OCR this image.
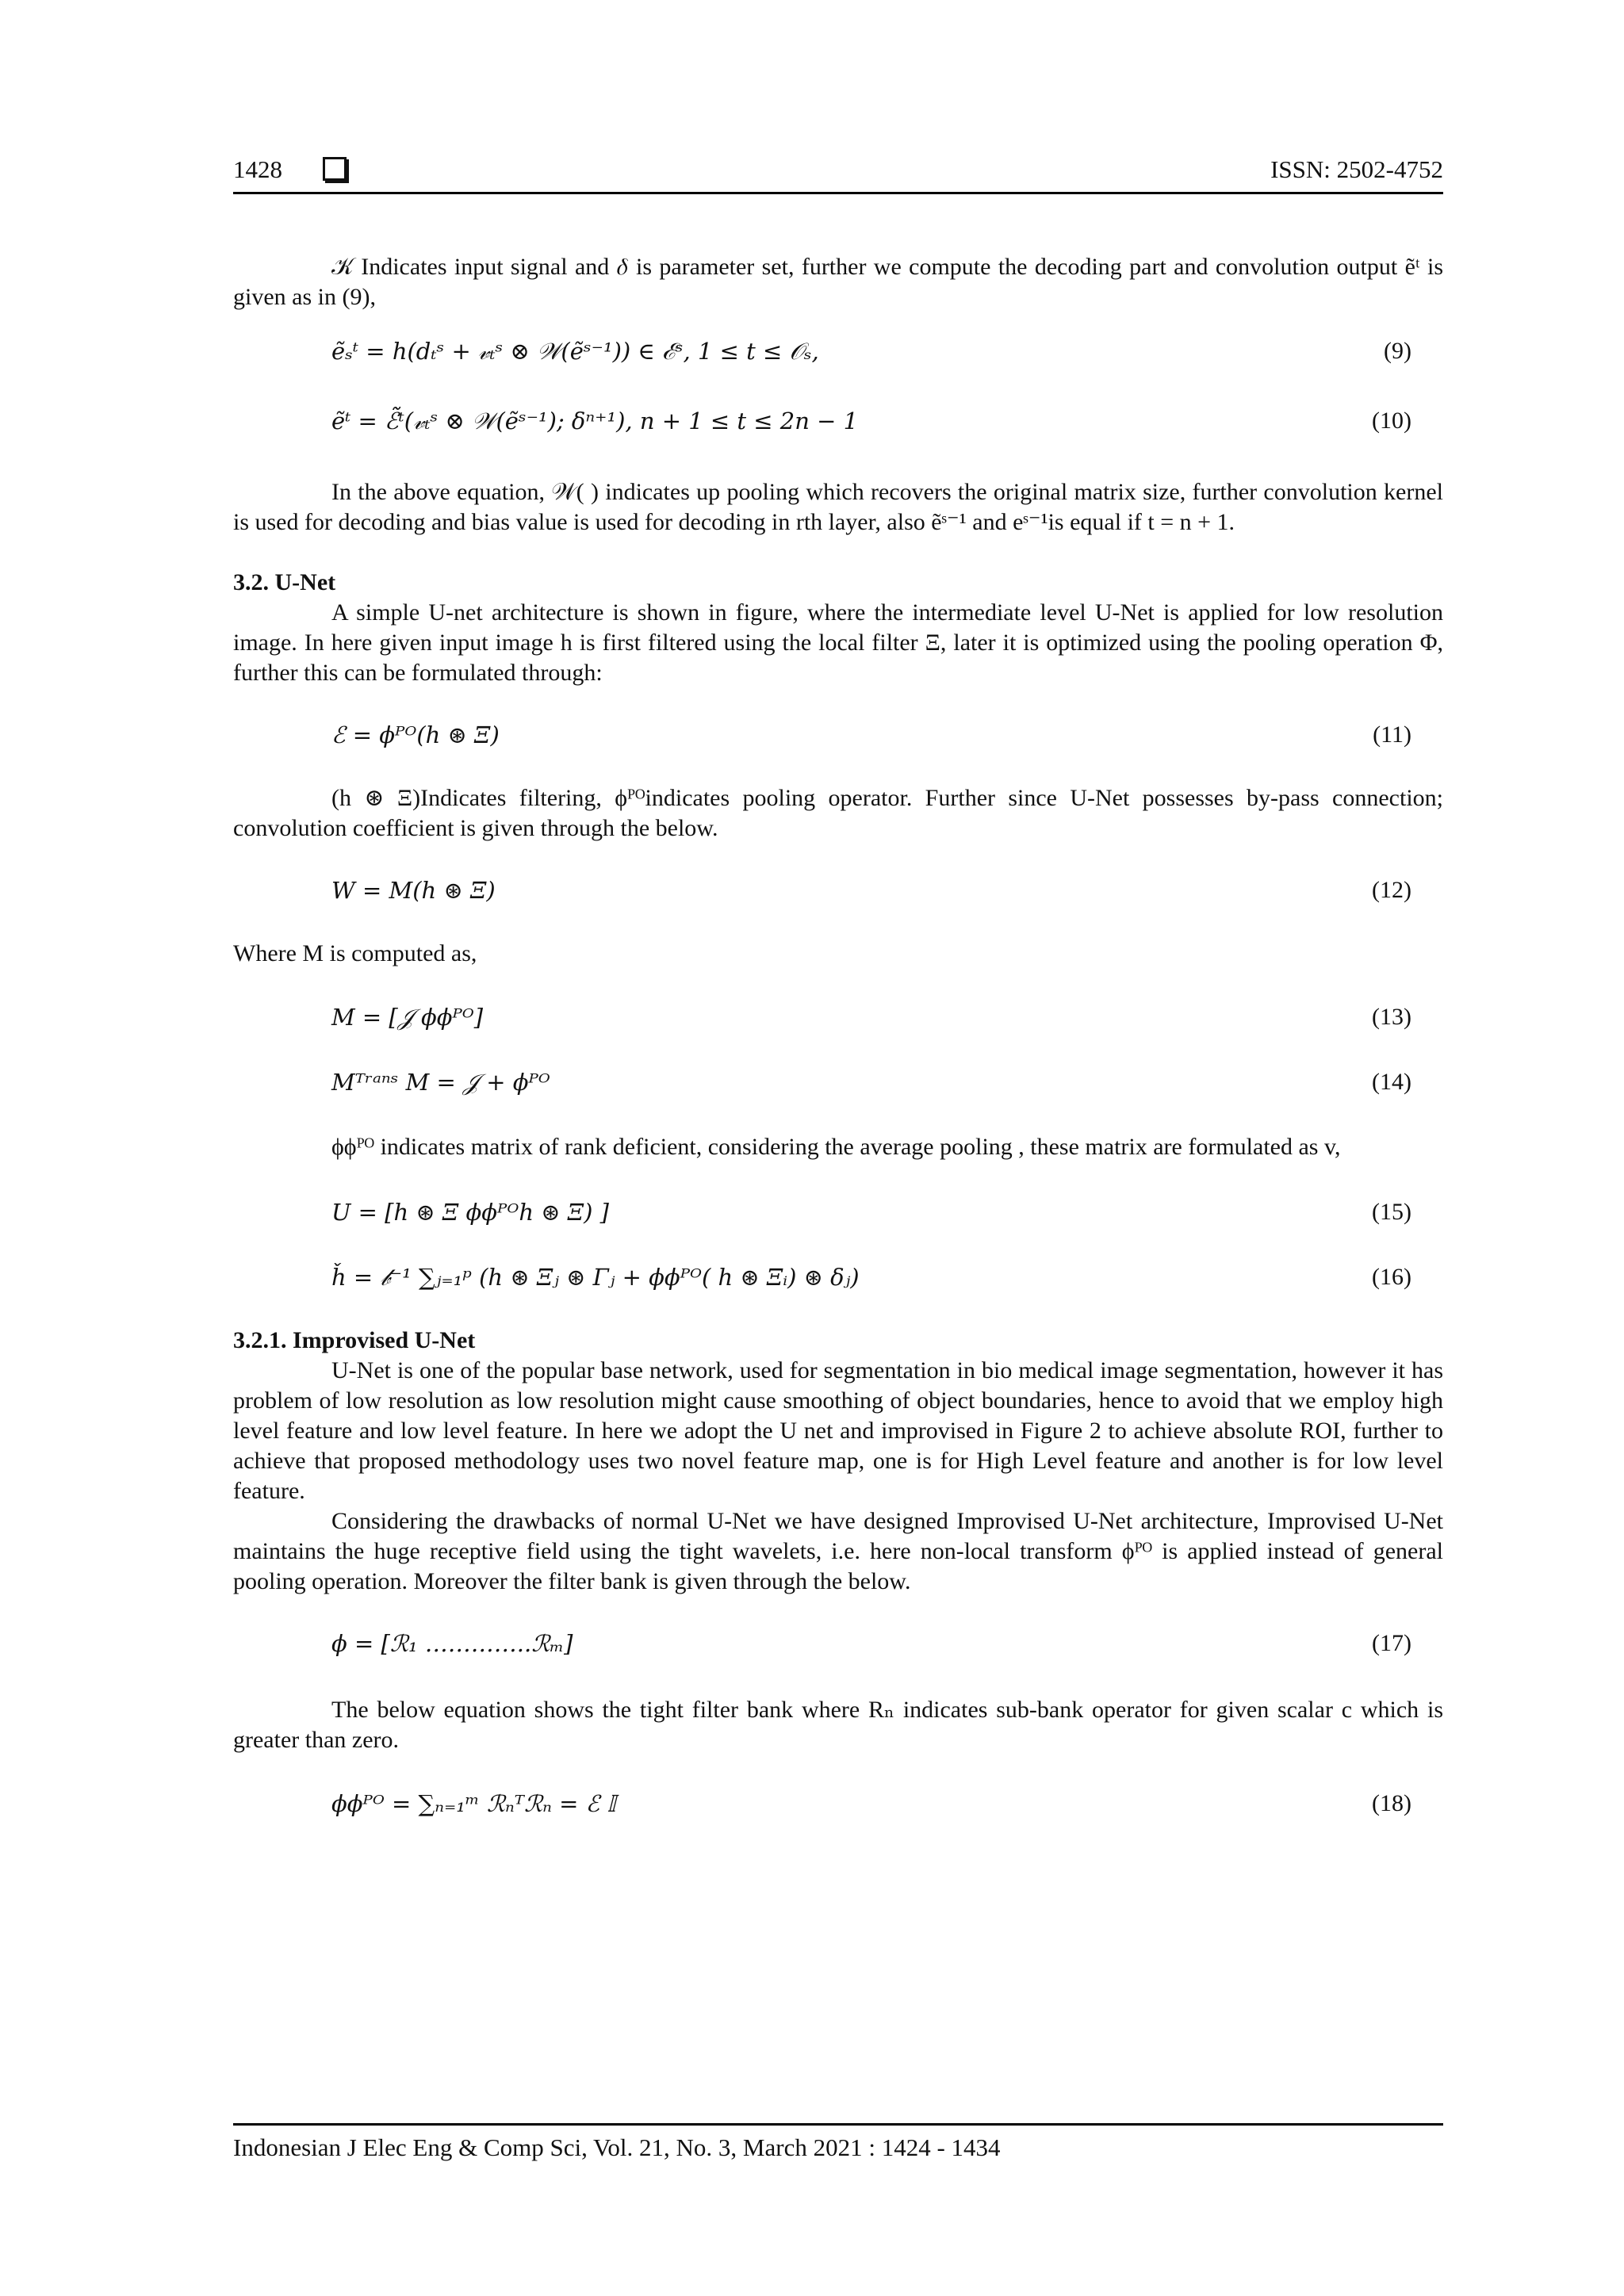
1428	ISSN: 2502-4752

𝒦 Indicates input signal and 𝛿 is parameter set, further we compute the decoding part and convolution output ẽᵗ is given as in (9),

ẽₛᵗ = h(dₜˢ + 𝓋ₜˢ ⊗ 𝒲(ẽˢ⁻¹)) ∈ ℰˢ, 1 ≤ t ≤ 𝒪ₛ,	(9)
ẽᵗ = ℰ̃ᵗ(𝓋ₜˢ ⊗ 𝒲(ẽˢ⁻¹); 𝛿ⁿ⁺¹), n + 1 ≤ t ≤ 2n − 1	(10)

In the above equation, 𝒲( ) indicates up pooling which recovers the original matrix size, further convolution kernel is used for decoding and bias value is used for decoding in rth layer, also ẽˢ⁻¹ and eˢ⁻¹is equal if t = n + 1.

3.2. U-Net

A simple U-net architecture is shown in figure, where the intermediate level U-Net is applied for low resolution image. In here given input image h is first filtered using the local filter Ξ, later it is optimized using the pooling operation Φ, further this can be formulated through:

ℰ = ϕᴾᴼ(h ⊛ Ξ)	(11)

(h ⊛ Ξ)Indicates filtering, ϕᴾᴼindicates pooling operator. Further since U-Net possesses by-pass connection; convolution coefficient is given through the below.

W = M(h ⊛ Ξ)	(12)

Where M is computed as,

M = [𝒥 ϕϕᴾᴼ]	(13)
Mᵀʳᵃⁿˢ M = 𝒥 + ϕᴾᴼ	(14)

ϕϕᴾᴼ indicates matrix of rank deficient, considering the average pooling , these matrix are formulated as v,

U = [h ⊛ Ξ ϕϕᴾᴼh ⊛ Ξ) ]	(15)
ȟ = 𝒷⁻¹ ∑ⱼ₌₁ᵖ (h ⊛ Ξⱼ ⊛ Γⱼ + ϕϕᴾᴼ( h ⊛ Ξᵢ) ⊛ 𝛿ⱼ)	(16)
3.2.1. Improvised U-Net

U-Net is one of the popular base network, used for segmentation in bio medical image segmentation, however it has problem of low resolution as low resolution might cause smoothing of object boundaries, hence to avoid that we employ high level feature and low level feature. In here we adopt the U net and improvised in Figure 2 to achieve absolute ROI, further to achieve that proposed methodology uses two novel feature map, one is for High Level feature and another is for low level feature.

Considering the drawbacks of normal U-Net we have designed Improvised U-Net architecture, Improvised U-Net maintains the huge receptive field using the tight wavelets, i.e. here non-local transform ϕᴾᴼ is applied instead of general pooling operation. Moreover the filter bank is given through the below.

ϕ = [ℛ₁ …………..ℛₘ]	(17)

The below equation shows the tight filter bank where Rₙ indicates sub-bank operator for given scalar c which is greater than zero.

ϕϕᴾᴼ = ∑ₙ₌₁ᵐ ℛₙᵀℛₙ = ℰ 𝕀	(18)
Indonesian J Elec Eng & Comp Sci, Vol. 21, No. 3, March 2021 : 1424 - 1434
